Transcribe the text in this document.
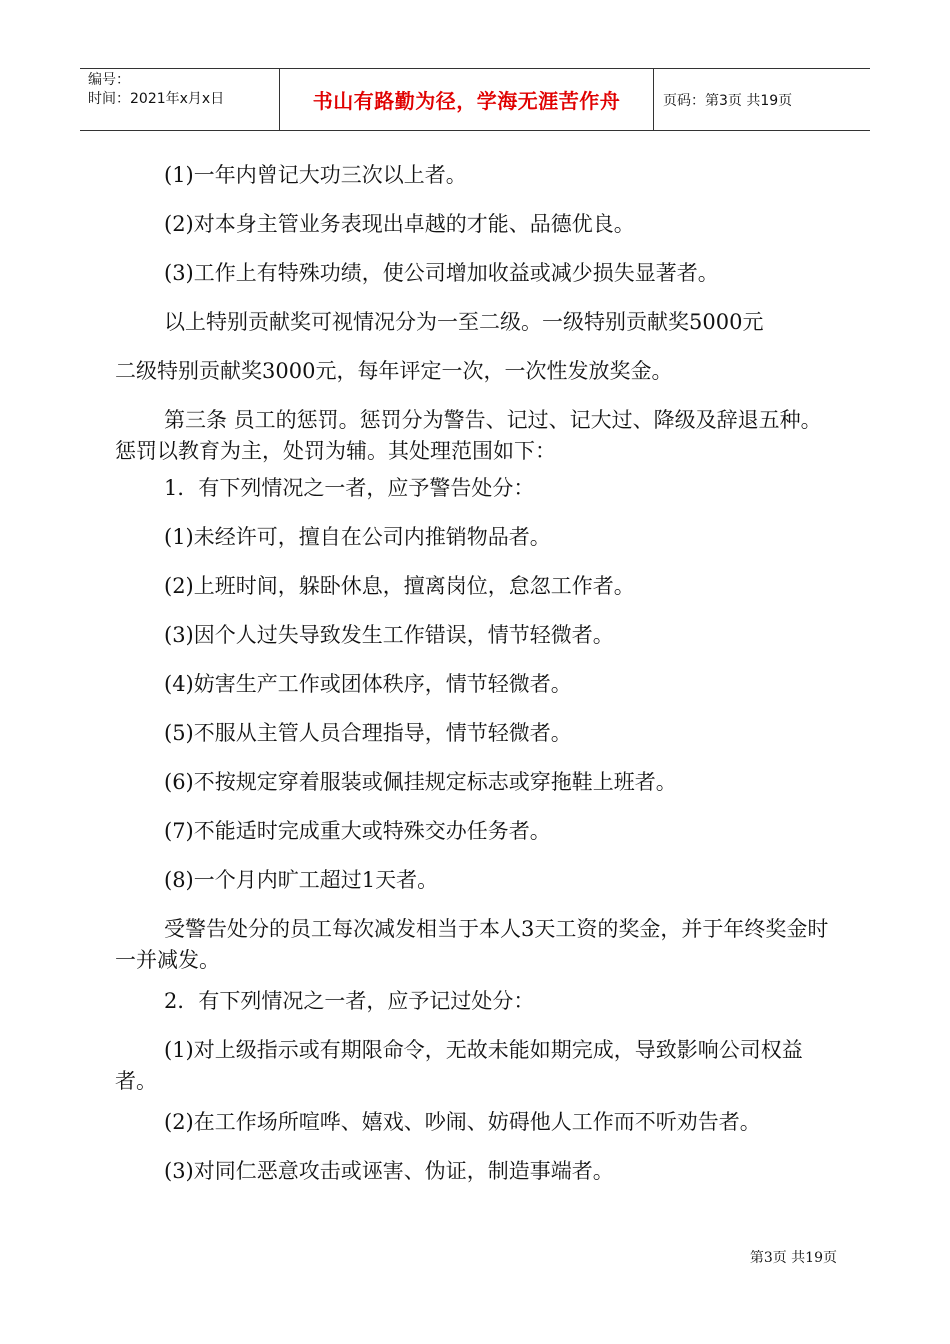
编号：
时间：2021年x月x日	书山有路勤为径，学海无涯苦作舟	页码：第3页 共19页

(1)一年内曾记大功三次以上者。

(2)对本身主管业务表现出卓越的才能、品德优良。

(3)工作上有特殊功绩，使公司增加收益或减少损失显著者。

以上特别贡献奖可视情况分为一至二级。一级特别贡献奖5000元

二级特别贡献奖3000元，每年评定一次，一次性发放奖金。

第三条 员工的惩罚。惩罚分为警告、记过、记大过、降级及辞退五种。惩罚以教育为主，处罚为辅。其处理范围如下：

1．有下列情况之一者，应予警告处分：

(1)未经许可，擅自在公司内推销物品者。

(2)上班时间，躲卧休息，擅离岗位，怠忽工作者。

(3)因个人过失导致发生工作错误，情节轻微者。

(4)妨害生产工作或团体秩序，情节轻微者。

(5)不服从主管人员合理指导，情节轻微者。

(6)不按规定穿着服装或佩挂规定标志或穿拖鞋上班者。

(7)不能适时完成重大或特殊交办任务者。

(8)一个月内旷工超过1天者。

受警告处分的员工每次减发相当于本人3天工资的奖金，并于年终奖金时一并减发。

2．有下列情况之一者，应予记过处分：

(1)对上级指示或有期限命令，无故未能如期完成，导致影响公司权益者。

(2)在工作场所喧哗、嬉戏、吵闹、妨碍他人工作而不听劝告者。

(3)对同仁恶意攻击或诬害、伪证，制造事端者。

第3页 共19页
